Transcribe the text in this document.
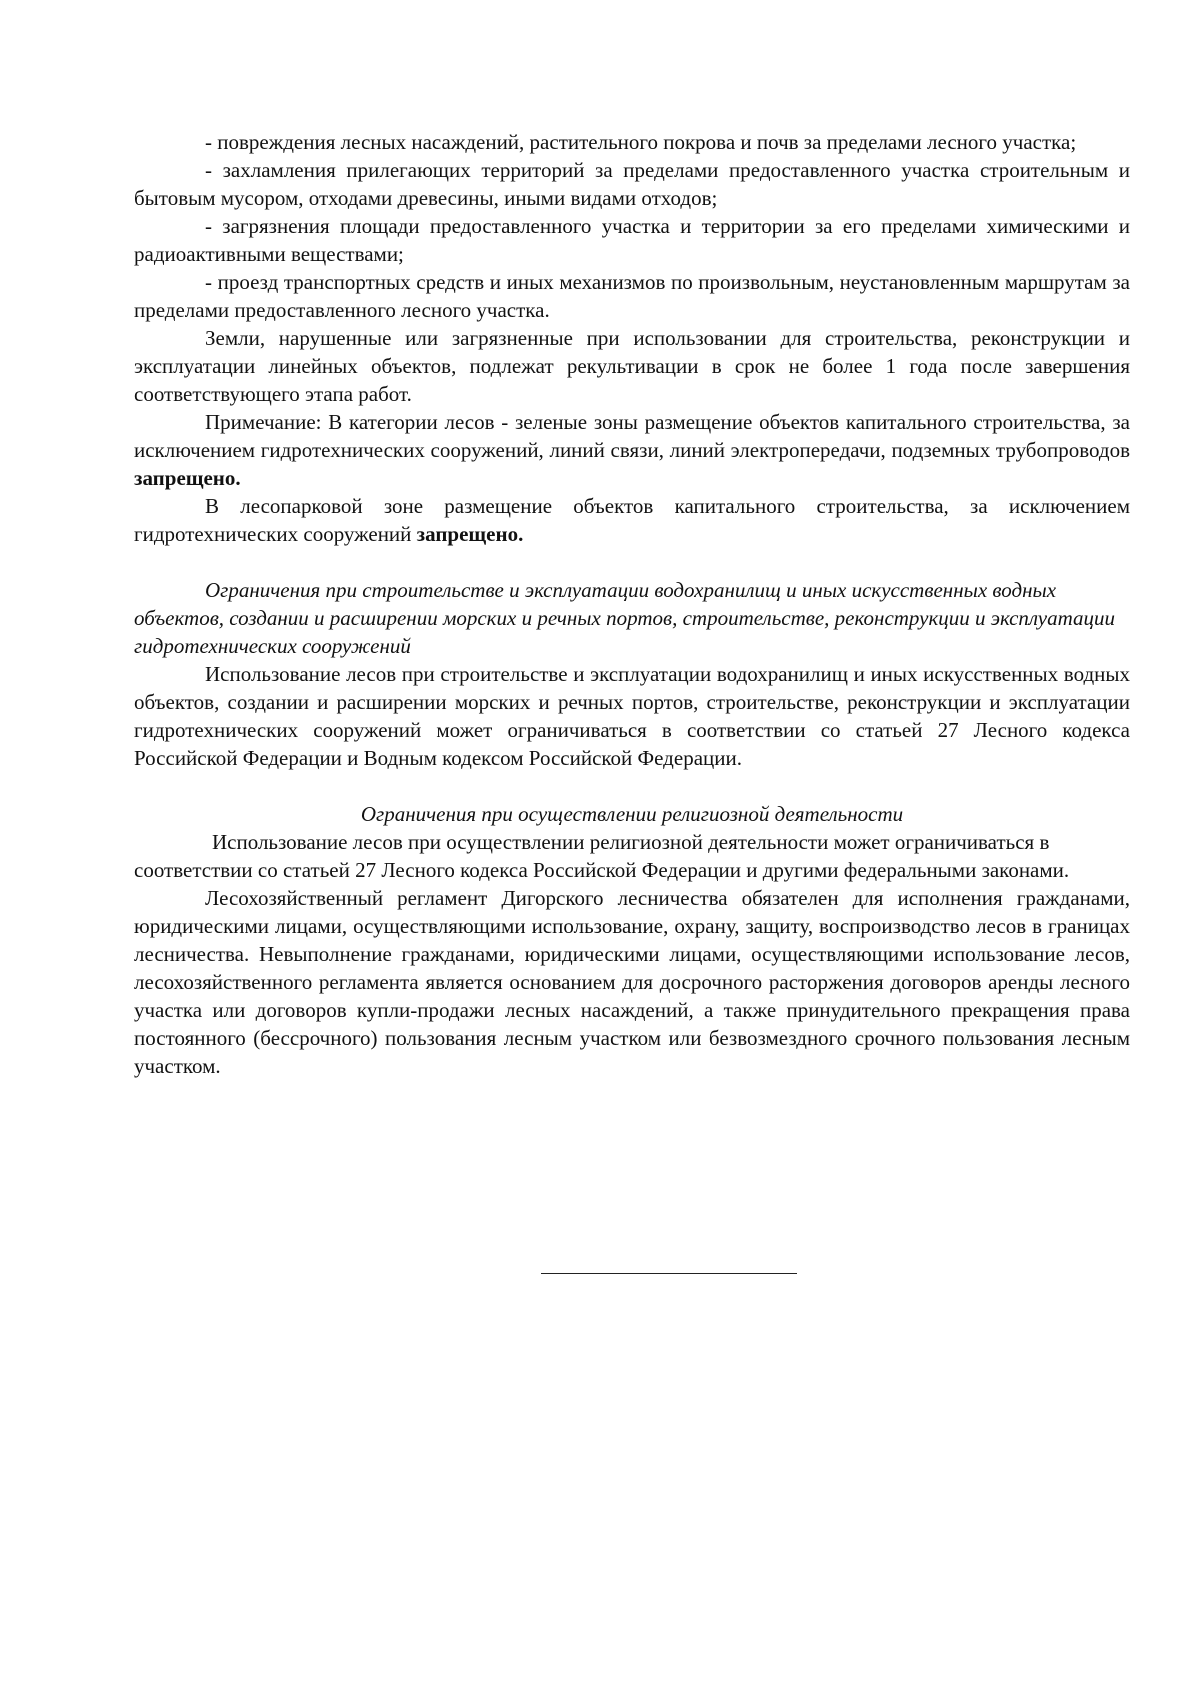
- повреждения лесных насаждений, растительного покрова и почв за пределами лесного участка;

- захламления прилегающих территорий за пределами предоставленного участка строительным и бытовым мусором, отходами древесины, иными видами отходов;

- загрязнения площади предоставленного участка и территории за его пределами химическими и радиоактивными веществами;

- проезд транспортных средств и иных механизмов по произвольным, неустановленным маршрутам за пределами предоставленного лесного участка.

Земли, нарушенные или загрязненные при использовании для строительства, реконструкции и эксплуатации линейных объектов, подлежат рекультивации в срок не более 1 года после завершения соответствующего этапа работ.

Примечание: В категории лесов - зеленые зоны размещение объектов капитального строительства, за исключением гидротехнических сооружений, линий связи, линий электропередачи, подземных трубопроводов запрещено.

В лесопарковой зоне размещение объектов капитального строительства, за исключением гидротехнических сооружений запрещено.

Ограничения при строительстве и эксплуатации водохранилищ и иных искусственных водных объектов, создании и расширении морских и речных портов, строительстве, реконструкции и эксплуатации гидротехнических сооружений

Использование лесов при строительстве и эксплуатации водохранилищ и иных искусственных водных объектов, создании и расширении морских и речных портов, строительстве, реконструкции и эксплуатации гидротехнических сооружений может ограничиваться в соответствии со статьей 27 Лесного кодекса Российской Федерации и Водным кодексом Российской Федерации.

Ограничения при осуществлении религиозной деятельности

Использование лесов при осуществлении религиозной деятельности может ограничиваться в соответствии со статьей 27 Лесного кодекса Российской Федерации и другими федеральными законами.

Лесохозяйственный регламент Дигорского лесничества обязателен для исполнения гражданами, юридическими лицами, осуществляющими использование, охрану, защиту, воспроизводство лесов в границах лесничества. Невыполнение гражданами, юридическими лицами, осуществляющими использование лесов, лесохозяйственного регламента является основанием для досрочного расторжения договоров аренды лесного участка или договоров купли-продажи лесных насаждений, а также принудительного прекращения права постоянного (бессрочного) пользования лесным участком или безвозмездного срочного пользования лесным участком.
